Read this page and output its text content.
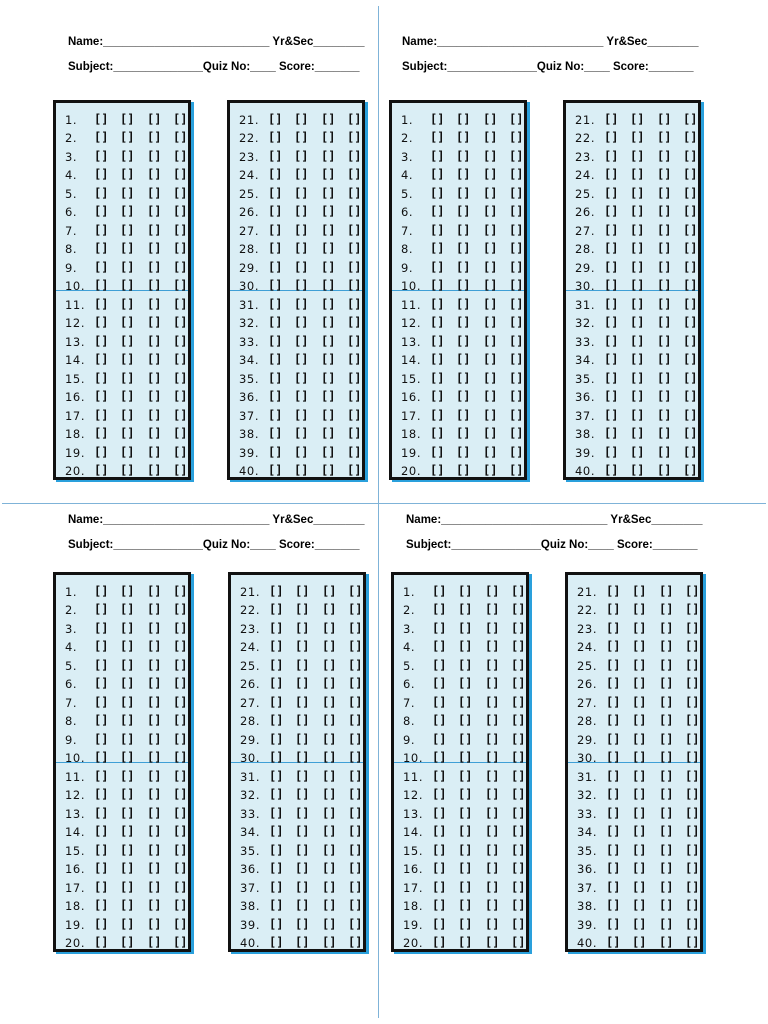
Name:__________________________ Yr&Sec________
Subject:______________Quiz No:____ Score:_______
1. [] [] [] []
2. [] [] [] []
3. [] [] [] []
4. [] [] [] []
5. [] [] [] []
6. [] [] [] []
7. [] [] [] []
8. [] [] [] []
9. [] [] [] []
10. [] [] [] []
11. [] [] [] []
12. [] [] [] []
13. [] [] [] []
14. [] [] [] []
15. [] [] [] []
16. [] [] [] []
17. [] [] [] []
18. [] [] [] []
19. [] [] [] []
20. [] [] [] []
21. [] [] [] []
22. [] [] [] []
23. [] [] [] []
24. [] [] [] []
25. [] [] [] []
26. [] [] [] []
27. [] [] [] []
28. [] [] [] []
29. [] [] [] []
30. [] [] [] []
31. [] [] [] []
32. [] [] [] []
33. [] [] [] []
34. [] [] [] []
35. [] [] [] []
36. [] [] [] []
37. [] [] [] []
38. [] [] [] []
39. [] [] [] []
40. [] [] [] []
Name:__________________________ Yr&Sec________
Subject:______________Quiz No:____ Score:_______
1. [] [] [] []
2. [] [] [] []
3. [] [] [] []
4. [] [] [] []
5. [] [] [] []
6. [] [] [] []
7. [] [] [] []
8. [] [] [] []
9. [] [] [] []
10. [] [] [] []
11. [] [] [] []
12. [] [] [] []
13. [] [] [] []
14. [] [] [] []
15. [] [] [] []
16. [] [] [] []
17. [] [] [] []
18. [] [] [] []
19. [] [] [] []
20. [] [] [] []
21. [] [] [] []
22. [] [] [] []
23. [] [] [] []
24. [] [] [] []
25. [] [] [] []
26. [] [] [] []
27. [] [] [] []
28. [] [] [] []
29. [] [] [] []
30. [] [] [] []
31. [] [] [] []
32. [] [] [] []
33. [] [] [] []
34. [] [] [] []
35. [] [] [] []
36. [] [] [] []
37. [] [] [] []
38. [] [] [] []
39. [] [] [] []
40. [] [] [] []
Name:__________________________ Yr&Sec________
Subject:______________Quiz No:____ Score:_______
1. [] [] [] []
2. [] [] [] []
3. [] [] [] []
4. [] [] [] []
5. [] [] [] []
6. [] [] [] []
7. [] [] [] []
8. [] [] [] []
9. [] [] [] []
10. [] [] [] []
11. [] [] [] []
12. [] [] [] []
13. [] [] [] []
14. [] [] [] []
15. [] [] [] []
16. [] [] [] []
17. [] [] [] []
18. [] [] [] []
19. [] [] [] []
20. [] [] [] []
21. [] [] [] []
22. [] [] [] []
23. [] [] [] []
24. [] [] [] []
25. [] [] [] []
26. [] [] [] []
27. [] [] [] []
28. [] [] [] []
29. [] [] [] []
30. [] [] [] []
31. [] [] [] []
32. [] [] [] []
33. [] [] [] []
34. [] [] [] []
35. [] [] [] []
36. [] [] [] []
37. [] [] [] []
38. [] [] [] []
39. [] [] [] []
40. [] [] [] []
Name:__________________________ Yr&Sec________
Subject:______________Quiz No:____ Score:_______
1. [] [] [] []
2. [] [] [] []
3. [] [] [] []
4. [] [] [] []
5. [] [] [] []
6. [] [] [] []
7. [] [] [] []
8. [] [] [] []
9. [] [] [] []
10. [] [] [] []
11. [] [] [] []
12. [] [] [] []
13. [] [] [] []
14. [] [] [] []
15. [] [] [] []
16. [] [] [] []
17. [] [] [] []
18. [] [] [] []
19. [] [] [] []
20. [] [] [] []
21. [] [] [] []
22. [] [] [] []
23. [] [] [] []
24. [] [] [] []
25. [] [] [] []
26. [] [] [] []
27. [] [] [] []
28. [] [] [] []
29. [] [] [] []
30. [] [] [] []
31. [] [] [] []
32. [] [] [] []
33. [] [] [] []
34. [] [] [] []
35. [] [] [] []
36. [] [] [] []
37. [] [] [] []
38. [] [] [] []
39. [] [] [] []
40. [] [] [] []
